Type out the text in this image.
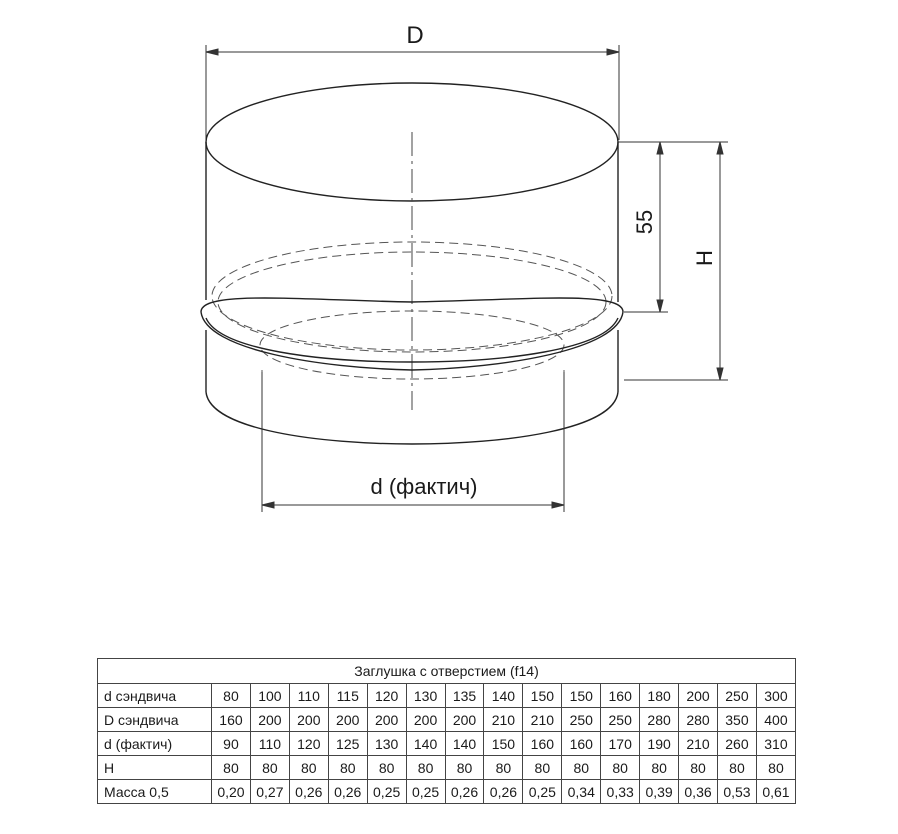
D
55
H
d (фактич)
Заглушка с отверстием (f14)															
d сэндвича	80	100	110	115	120	130	135	140	150	150	160	180	200	250	300
D сэндвича	160	200	200	200	200	200	200	210	210	250	250	280	280	350	400
d (фактич)	90	110	120	125	130	140	140	150	160	160	170	190	210	260	310
H	80	80	80	80	80	80	80	80	80	80	80	80	80	80	80
Масса 0,5	0,20	0,27	0,26	0,26	0,25	0,25	0,26	0,26	0,25	0,34	0,33	0,39	0,36	0,53	0,61
